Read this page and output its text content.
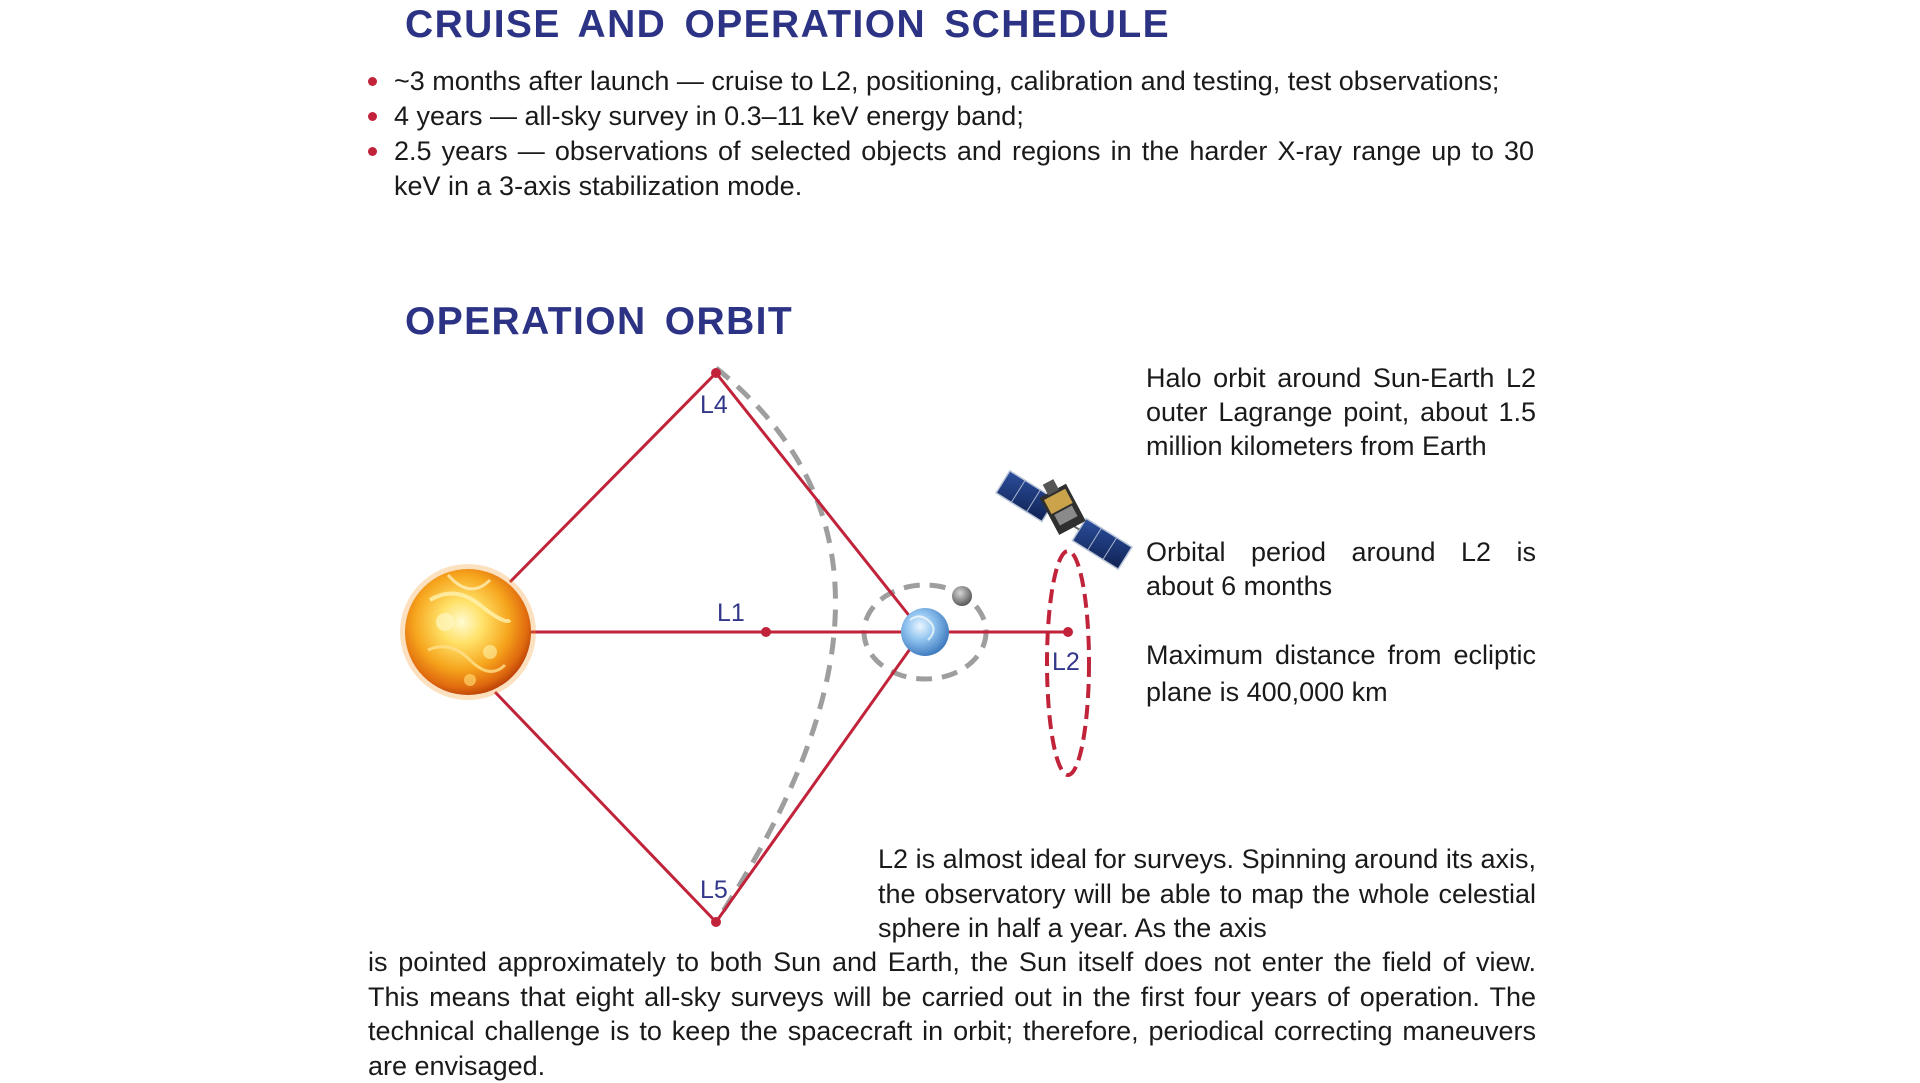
CRUISE AND OPERATION SCHEDULE
~3 months after launch — cruise to L2, positioning, calibration and testing, test observations;
4 years — all-sky survey in 0.3–11 keV energy band;
2.5 years — observations of selected objects and regions in the harder X-ray range up to 30 keV in a 3-axis stabilization mode.
OPERATION ORBIT
L4
L1
L2
L5

Halo orbit around Sun-Earth L2 outer Lagrange point, about 1.5 million kilometers from Earth

Orbital period around L2 is about 6 months

Maximum distance from ecliptic plane is 400,000 km

L2 is almost ideal for surveys. Spinning around its axis, the observatory will be able to map the whole celestial sphere in half a year. As the axis

is pointed approximately to both Sun and Earth, the Sun itself does not enter the field of view. This means that eight all-sky surveys will be carried out in the first four years of operation. The technical challenge is to keep the spacecraft in orbit; therefore, periodical correcting maneuvers are envisaged.
